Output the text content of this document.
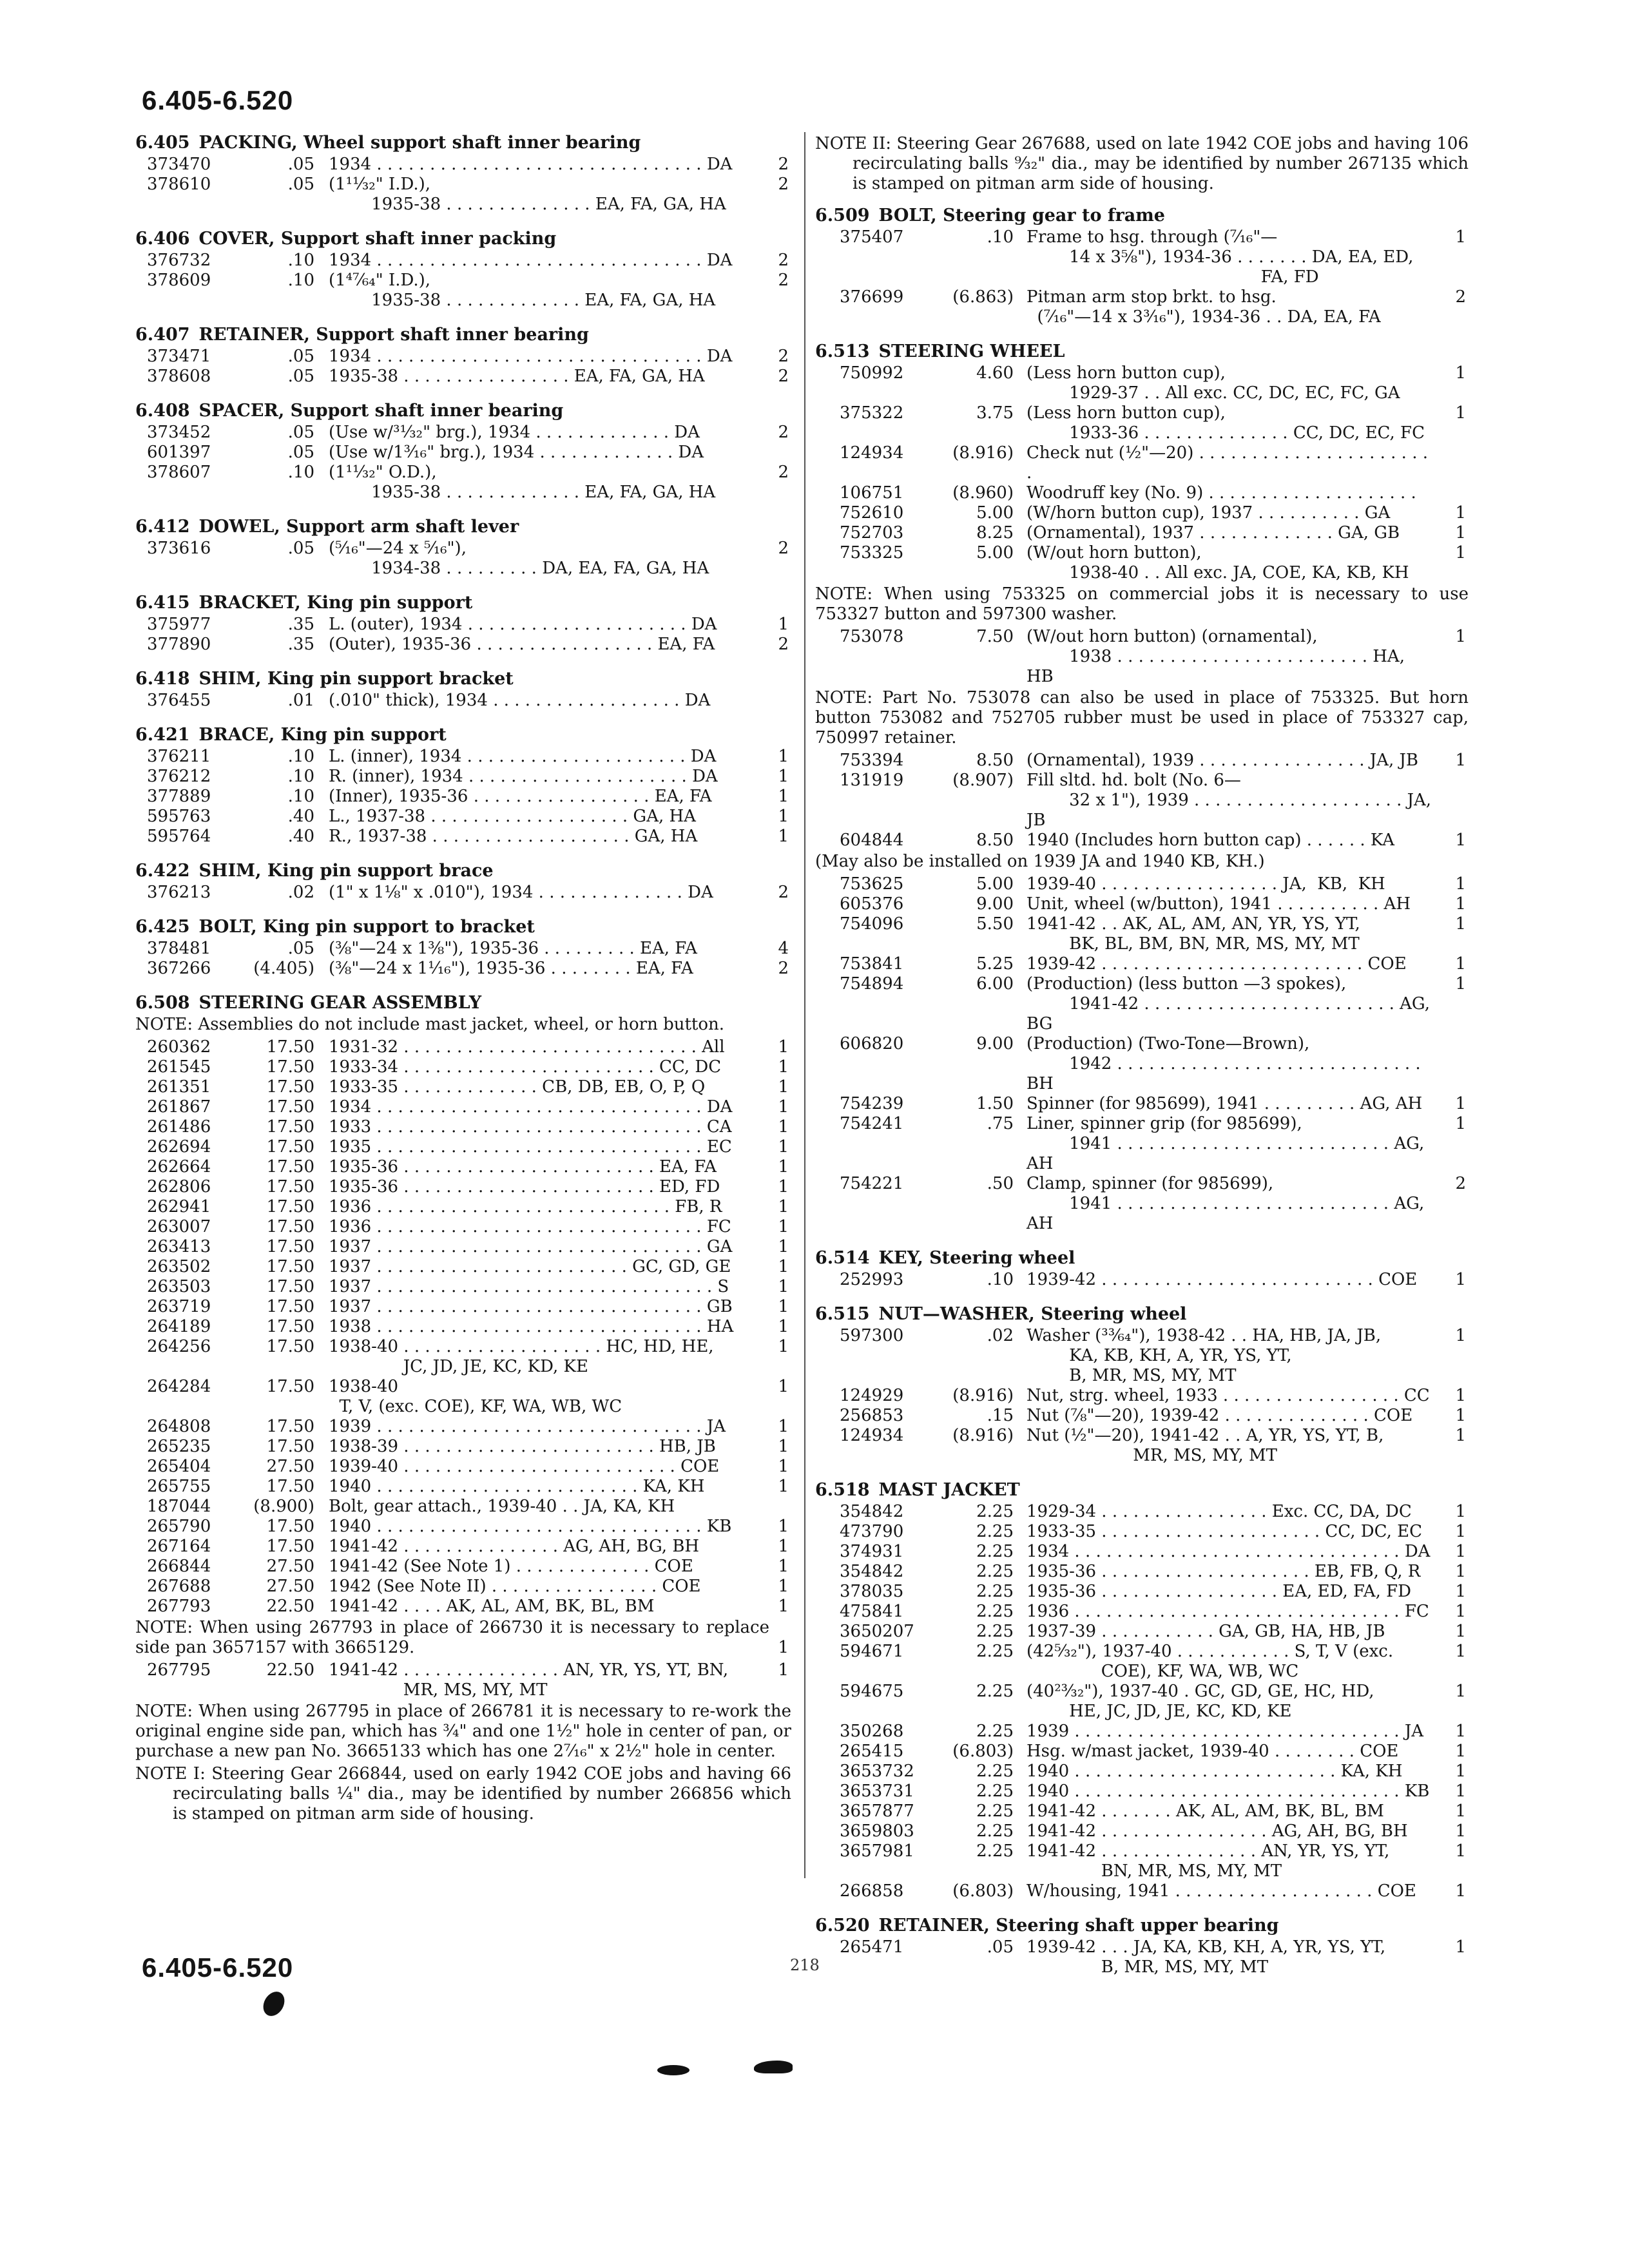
6.405-6.520
6.405 PACKING, Wheel support shaft inner bearing
373470	.05 1934 . . . . . . . . . . . . . . . . . . . . . . . . . . . . . . . DA	2
378610	.05 (1¹¹⁄₃₂" I.D.),
1935-38 . . . . . . . . . . . . . . EA, FA, GA, HA
2
6.406 COVER, Support shaft inner packing
376732	.10 1934 . . . . . . . . . . . . . . . . . . . . . . . . . . . . . . . DA	2
378609	.10 (1⁴⁷⁄₆₄" I.D.),
1935-38 . . . . . . . . . . . . . EA, FA, GA, HA
2
6.407 RETAINER, Support shaft inner bearing
373471	.05 1934 . . . . . . . . . . . . . . . . . . . . . . . . . . . . . . . DA	2
378608	.05 1935-38 . . . . . . . . . . . . . . . . EA, FA, GA, HA	2
6.408 SPACER, Support shaft inner bearing
373452	.05 (Use w/³¹⁄₃₂" brg.), 1934 . . . . . . . . . . . . . DA	2
601397	.05 (Use w/1³⁄₁₆" brg.), 1934 . . . . . . . . . . . . . DA
378607	.10 (1¹¹⁄₃₂" O.D.),
1935-38 . . . . . . . . . . . . . EA, FA, GA, HA
2
6.412 DOWEL, Support arm shaft lever
373616	.05 (⁵⁄₁₆"—24 x ⁵⁄₁₆"),
1934-38 . . . . . . . . . DA, EA, FA, GA, HA
2
6.415 BRACKET, King pin support
375977	.35 L. (outer), 1934 . . . . . . . . . . . . . . . . . . . . . DA	1
377890	.35 (Outer), 1935-36 . . . . . . . . . . . . . . . . . EA, FA	2
6.418 SHIM, King pin support bracket
376455	.01 (.010" thick), 1934 . . . . . . . . . . . . . . . . . . DA
6.421 BRACE, King pin support
376211	.10 L. (inner), 1934 . . . . . . . . . . . . . . . . . . . . . DA	1
376212	.10 R. (inner), 1934 . . . . . . . . . . . . . . . . . . . . . DA	1
377889	.10 (Inner), 1935-36 . . . . . . . . . . . . . . . . . EA, FA	1
595763	.40 L., 1937-38 . . . . . . . . . . . . . . . . . . . GA, HA	1
595764	.40 R., 1937-38 . . . . . . . . . . . . . . . . . . . GA, HA	1
6.422 SHIM, King pin support brace
376213	.02 (1" x 1⅛" x .010"), 1934 . . . . . . . . . . . . . . DA	2
6.425 BOLT, King pin support to bracket
378481	.05 (⅜"—24 x 1⅜"), 1935-36 . . . . . . . . . EA, FA	4
367266	(4.405) (⅜"—24 x 1¹⁄₁₆"), 1935-36 . . . . . . . . EA, FA	2
6.508 STEERING GEAR ASSEMBLY
NOTE: Assemblies do not include mast jacket, wheel, or horn button.
260362	17.50 1931-32 . . . . . . . . . . . . . . . . . . . . . . . . . . . . All	1
261545	17.50 1933-34 . . . . . . . . . . . . . . . . . . . . . . . . CC, DC	1
261351	17.50 1933-35 . . . . . . . . . . . . . CB, DB, EB, O, P, Q	1
261867	17.50 1934 . . . . . . . . . . . . . . . . . . . . . . . . . . . . . . . DA	1
261486	17.50 1933 . . . . . . . . . . . . . . . . . . . . . . . . . . . . . . . CA	1
262694	17.50 1935 . . . . . . . . . . . . . . . . . . . . . . . . . . . . . . . EC	1
262664	17.50 1935-36 . . . . . . . . . . . . . . . . . . . . . . . . EA, FA	1
262806	17.50 1935-36 . . . . . . . . . . . . . . . . . . . . . . . . ED, FD	1
262941	17.50 1936 . . . . . . . . . . . . . . . . . . . . . . . . . . . . FB, R	1
263007	17.50 1936 . . . . . . . . . . . . . . . . . . . . . . . . . . . . . . . FC	1
263413	17.50 1937 . . . . . . . . . . . . . . . . . . . . . . . . . . . . . . . GA	1
263502	17.50 1937 . . . . . . . . . . . . . . . . . . . . . . . . GC, GD, GE	1
263503	17.50 1937 . . . . . . . . . . . . . . . . . . . . . . . . . . . . . . . . S	1
263719	17.50 1937 . . . . . . . . . . . . . . . . . . . . . . . . . . . . . . . GB	1
264189	17.50 1938 . . . . . . . . . . . . . . . . . . . . . . . . . . . . . . . HA	1
264256	17.50 1938-40 . . . . . . . . . . . . . . . . . . . HC, HD, HE,
JC, JD, JE, KC, KD, KE
1
264284	17.50 1938-40
T, V, (exc. COE), KF, WA, WB, WC
1
264808	17.50 1939 . . . . . . . . . . . . . . . . . . . . . . . . . . . . . . . JA	1
265235	17.50 1938-39 . . . . . . . . . . . . . . . . . . . . . . . . HB, JB	1
265404	27.50 1939-40 . . . . . . . . . . . . . . . . . . . . . . . . . . COE	1
265755	17.50 1940 . . . . . . . . . . . . . . . . . . . . . . . . . KA, KH	1
187044	(8.900) Bolt, gear attach., 1939-40 . . JA, KA, KH
265790	17.50 1940 . . . . . . . . . . . . . . . . . . . . . . . . . . . . . . . KB	1
267164	17.50 1941-42 . . . . . . . . . . . . . . . AG, AH, BG, BH	1
266844	27.50 1941-42 (See Note 1) . . . . . . . . . . . . . COE	1
267688	27.50 1942 (See Note II) . . . . . . . . . . . . . . . . COE	1
267793	22.50 1941-42 . . . . AK, AL, AM, BK, BL, BM	1
NOTE: When using 267793 in place of 266730 it is necessary to replace side pan 3657157 with 3665129.	1
267795	22.50 1941-42 . . . . . . . . . . . . . . . AN, YR, YS, YT, BN,
MR, MS, MY, MT
1
NOTE: When using 267795 in place of 266781 it is necessary to re-work the original engine side pan, which has ¾" and one 1½" hole in center of pan, or purchase a new pan No. 3665133 which has one 2⁷⁄₁₆" x 2½" hole in center.
NOTE I: Steering Gear 266844, used on early 1942 COE jobs and having 66 recirculating balls ¼" dia., may be identified by number 266856 which is stamped on pitman arm side of housing.
NOTE II: Steering Gear 267688, used on late 1942 COE jobs and having 106 recirculating balls ⁹⁄₃₂" dia., may be identified by number 267135 which is stamped on pitman arm side of housing.
6.509 BOLT, Steering gear to frame
375407	.10 Frame to hsg. through (⁷⁄₁₆"—
14 x 3⅝"), 1934-36 . . . . . . . DA, EA, ED,
FA, FD
1
376699	(6.863) Pitman arm stop brkt. to hsg.
(⁷⁄₁₆"—14 x 3³⁄₁₆"), 1934-36 . . DA, EA, FA
2
6.513 STEERING WHEEL
750992	4.60 (Less horn button cup),
1929-37 . . All exc. CC, DC, EC, FC, GA
1
375322	3.75 (Less horn button cup),
1933-36 . . . . . . . . . . . . . . CC, DC, EC, FC
1
124934	(8.916) Check nut (½"—20) . . . . . . . . . . . . . . . . . . . . . . .
106751	(8.960) Woodruff key (No. 9) . . . . . . . . . . . . . . . . . . . .
752610	5.00 (W/horn button cup), 1937 . . . . . . . . . . GA	1
752703	8.25 (Ornamental), 1937 . . . . . . . . . . . . . GA, GB	1
753325	5.00 (W/out horn button),
1938-40 . . All exc. JA, COE, KA, KB, KH
1
NOTE: When using 753325 on commercial jobs it is necessary to use 753327 button and 597300 washer.
753078	7.50 (W/out horn button) (ornamental),
1938 . . . . . . . . . . . . . . . . . . . . . . . . HA, HB
1
NOTE: Part No. 753078 can also be used in place of 753325. But horn button 753082 and 752705 rubber must be used in place of 753327 cap, 750997 retainer.
753394	8.50 (Ornamental), 1939 . . . . . . . . . . . . . . . . JA, JB	1
131919	(8.907) Fill sltd. hd. bolt (No. 6—
32 x 1"), 1939 . . . . . . . . . . . . . . . . . . . . JA, JB
604844	8.50 1940 (Includes horn button cap) . . . . . . KA	1
(May also be installed on 1939 JA and 1940 KB, KH.)
753625	5.00 1939-40 . . . . . . . . . . . . . . . . . JA,  KB,  KH	1
605376	9.00 Unit, wheel (w/button), 1941 . . . . . . . . . . AH	1
754096	5.50 1941-42 . . AK, AL, AM, AN, YR, YS, YT,
BK, BL, BM, BN, MR, MS, MY, MT
1
753841	5.25 1939-42 . . . . . . . . . . . . . . . . . . . . . . . . . COE	1
754894	6.00 (Production) (less button —3 spokes),
1941-42 . . . . . . . . . . . . . . . . . . . . . . . . AG, BG
1
606820	9.00 (Production) (Two-Tone—Brown),
1942 . . . . . . . . . . . . . . . . . . . . . . . . . . . . . BH
754239	1.50 Spinner (for 985699), 1941 . . . . . . . . . AG, AH	1
754241	.75 Liner, spinner grip (for 985699),
1941 . . . . . . . . . . . . . . . . . . . . . . . . . . AG, AH
1
754221	.50 Clamp, spinner (for 985699),
1941 . . . . . . . . . . . . . . . . . . . . . . . . . . AG, AH
2
6.514 KEY, Steering wheel
252993	.10 1939-42 . . . . . . . . . . . . . . . . . . . . . . . . . . COE	1
6.515 NUT—WASHER, Steering wheel
597300	.02 Washer (³³⁄₆₄"), 1938-42 . . HA, HB, JA, JB,
KA, KB, KH, A, YR, YS, YT,
B, MR, MS, MY, MT
1
124929	(8.916) Nut, strg. wheel, 1933 . . . . . . . . . . . . . . . . . CC	1
256853	.15 Nut (⅞"—20), 1939-42 . . . . . . . . . . . . . . COE	1
124934	(8.916) Nut (½"—20), 1941-42 . . A, YR, YS, YT, B,
MR, MS, MY, MT
1
6.518 MAST JACKET
354842	2.25 1929-34 . . . . . . . . . . . . . . . . Exc. CC, DA, DC	1
473790	2.25 1933-35 . . . . . . . . . . . . . . . . . . . . . CC, DC, EC	1
374931	2.25 1934 . . . . . . . . . . . . . . . . . . . . . . . . . . . . . . . DA	1
354842	2.25 1935-36 . . . . . . . . . . . . . . . . . . . . EB, FB, Q, R	1
378035	2.25 1935-36 . . . . . . . . . . . . . . . . . EA, ED, FA, FD	1
475841	2.25 1936 . . . . . . . . . . . . . . . . . . . . . . . . . . . . . . . FC	1
3650207	2.25 1937-39 . . . . . . . . . . . GA, GB, HA, HB, JB	1
594671	2.25 (42⁵⁄₃₂"), 1937-40 . . . . . . . . . . . S, T, V (exc.
COE), KF, WA, WB, WC
1
594675	2.25 (40²³⁄₃₂"), 1937-40 . GC, GD, GE, HC, HD,
HE, JC, JD, JE, KC, KD, KE
1
350268	2.25 1939 . . . . . . . . . . . . . . . . . . . . . . . . . . . . . . . JA	1
265415	(6.803) Hsg. w/mast jacket, 1939-40 . . . . . . . . COE	1
3653732	2.25 1940 . . . . . . . . . . . . . . . . . . . . . . . . . KA, KH	1
3653731	2.25 1940 . . . . . . . . . . . . . . . . . . . . . . . . . . . . . . . KB	1
3657877	2.25 1941-42 . . . . . . . AK, AL, AM, BK, BL, BM	1
3659803	2.25 1941-42 . . . . . . . . . . . . . . . . AG, AH, BG, BH	1
3657981	2.25 1941-42 . . . . . . . . . . . . . . . AN, YR, YS, YT,
BN, MR, MS, MY, MT
1
266858	(6.803) W/housing, 1941 . . . . . . . . . . . . . . . . . . . COE	1
6.520 RETAINER, Steering shaft upper bearing
265471	.05 1939-42 . . . JA, KA, KB, KH, A, YR, YS, YT,
B, MR, MS, MY, MT
1
6.405-6.520	218
